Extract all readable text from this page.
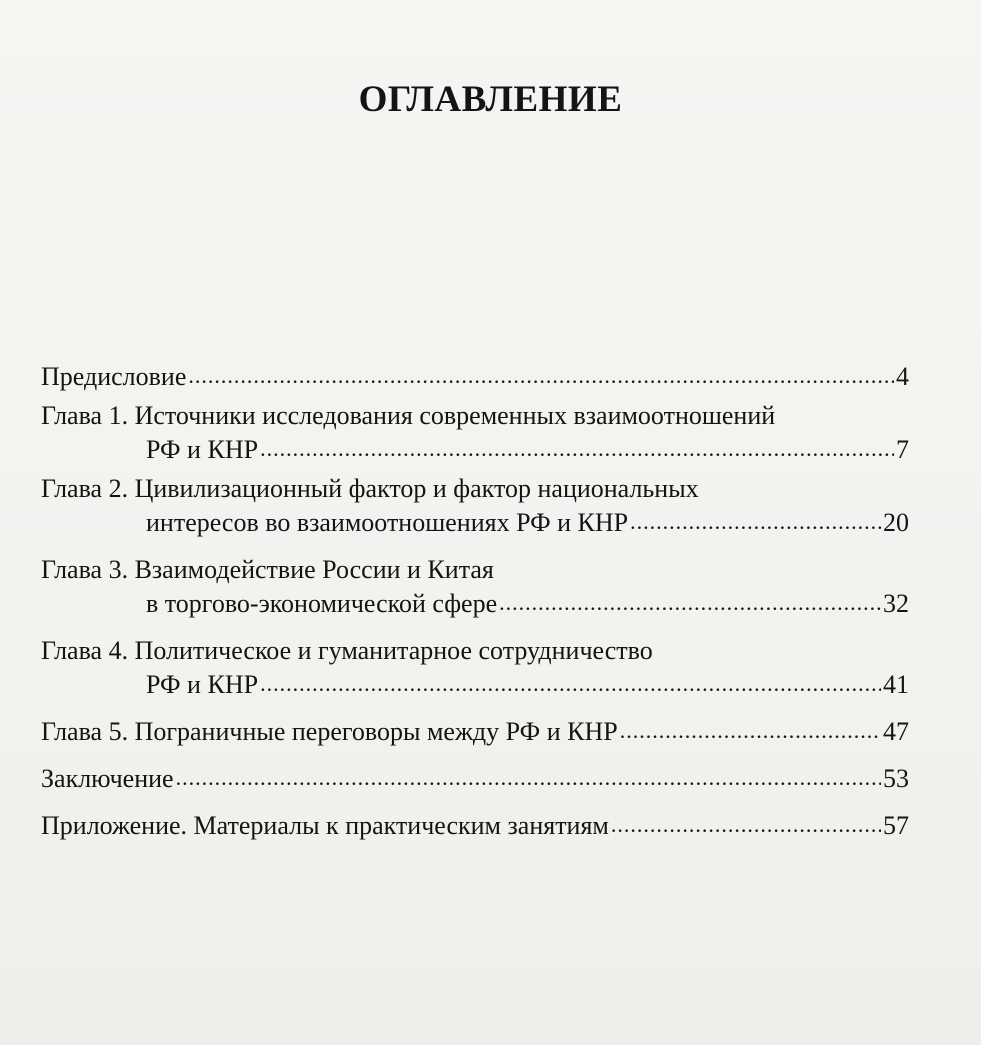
ОГЛАВЛЕНИЕ
Предисловие .....	4
Глава 1. Источники исследования современных взаимоотношений
РФ и КНР .....	7
Глава 2. Цивилизационный фактор и фактор национальных
интересов во взаимоотношениях РФ и КНР .....	20
Глава 3. Взаимодействие России и Китая
в торгово-экономической сфере .....	32
Глава 4. Политическое и гуманитарное сотрудничество
РФ и КНР .....	41
Глава 5. Пограничные переговоры между РФ и КНР .....	47
Заключение .....	53
Приложение. Материалы к практическим занятиям .....	57
